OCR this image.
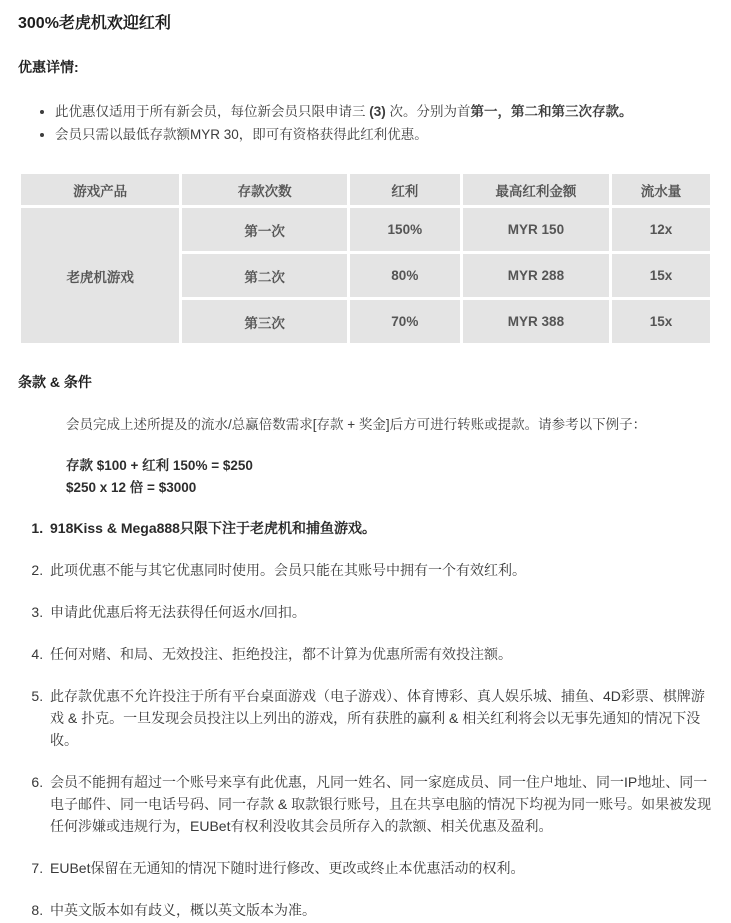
300%老虎机欢迎红利
优惠详情:
• 此优惠仅适用于所有新会员，每位新会员只限申请三 (3) 次。分别为首第一，第二和第三次存款。
• 会员只需以最低存款额MYR 30，即可有资格获得此红利优惠。
游戏产品	存款次数	红利	最高红利金额	流水量
老虎机游戏	第一次	150%	MYR 150	12x
	第二次	80%	MYR 288	15x
	第三次	70%	MYR 388	15x
条款 & 条件

会员完成上述所提及的流水/总赢倍数需求[存款 + 奖金]后方可进行转账或提款。请参考以下例子：

存款 $100 + 红利 150% = $250
$250 x 12 倍 = $3000
1. 918Kiss & Mega888只限下注于老虎机和捕鱼游戏。
2. 此项优惠不能与其它优惠同时使用。会员只能在其账号中拥有一个有效红利。
3. 申请此优惠后将无法获得任何返水/回扣。
4. 任何对赌、和局、无效投注、拒绝投注，都不计算为优惠所需有效投注额。
5. 此存款优惠不允许投注于所有平台桌面游戏（电子游戏）、体育博彩、真人娱乐城、捕鱼、4D彩票、棋牌游戏 & 扑克。一旦发现会员投注以上列出的游戏，所有获胜的赢利 & 相关红利将会以无事先通知的情况下没收。
6. 会员不能拥有超过一个账号来享有此优惠，凡同一姓名、同一家庭成员、同一住户地址、同一IP地址、同一电子邮件、同一电话号码、同一存款 & 取款银行账号，且在共享电脑的情况下均视为同一账号。如果被发现任何涉嫌或违规行为，EUBet有权利没收其会员所存入的款额、相关优惠及盈利。
7. EUBet保留在无通知的情况下随时进行修改、更改或终止本优惠活动的权利。
8. 中英文版本如有歧义，概以英文版本为准。
